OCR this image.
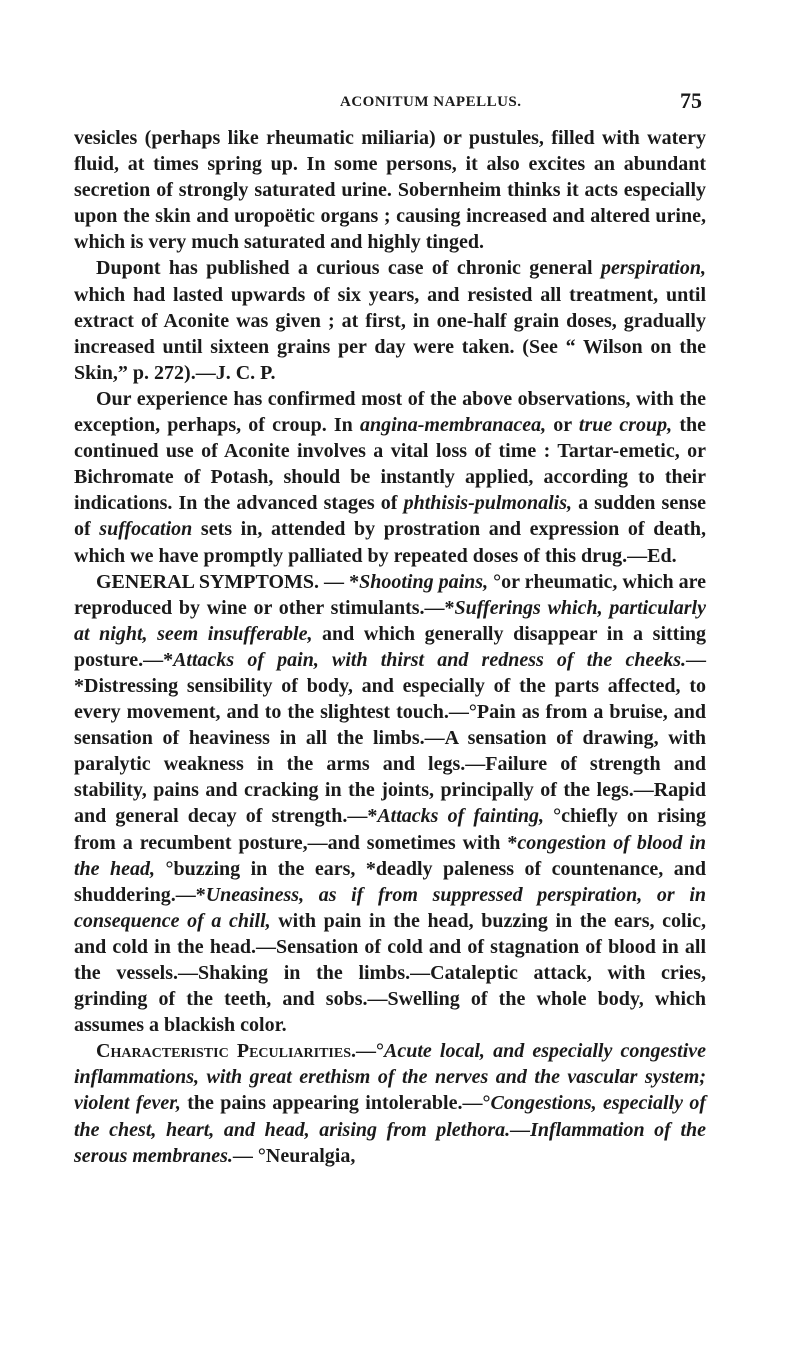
ACONITUM NAPELLUS.	75

vesicles (perhaps like rheumatic miliaria) or pustules, filled with watery fluid, at times spring up. In some persons, it also excites an abundant secretion of strongly saturated urine. Sobernheim thinks it acts especially upon the skin and uropoëtic organs ; causing increased and altered urine, which is very much saturated and highly tinged.

Dupont has published a curious case of chronic general perspiration, which had lasted upwards of six years, and resisted all treatment, until extract of Aconite was given ; at first, in one-half grain doses, gradually increased until sixteen grains per day were taken. (See “ Wilson on the Skin,” p. 272).—J. C. P.

Our experience has confirmed most of the above observations, with the exception, perhaps, of croup. In angina-membranacea, or true croup, the continued use of Aconite involves a vital loss of time : Tartar-emetic, or Bichromate of Potash, should be instantly applied, according to their indications. In the advanced stages of phthisis-pulmonalis, a sudden sense of suffocation sets in, attended by prostration and expression of death, which we have promptly palliated by repeated doses of this drug.—Ed.

GENERAL SYMPTOMS. — *Shooting pains, °or rheumatic, which are reproduced by wine or other stimulants.—*Sufferings which, particularly at night, seem insufferable, and which generally disappear in a sitting posture.—*Attacks of pain, with thirst and redness of the cheeks.—*Distressing sensibility of body, and especially of the parts affected, to every movement, and to the slightest touch.—°Pain as from a bruise, and sensation of heaviness in all the limbs.—A sensation of drawing, with paralytic weakness in the arms and legs.—Failure of strength and stability, pains and cracking in the joints, principally of the legs.—Rapid and general decay of strength.—*Attacks of fainting, °chiefly on rising from a recumbent posture,—and sometimes with *congestion of blood in the head, °buzzing in the ears, *deadly paleness of countenance, and shuddering.—*Uneasiness, as if from suppressed perspiration, or in consequence of a chill, with pain in the head, buzzing in the ears, colic, and cold in the head.—Sensation of cold and of stagnation of blood in all the vessels.—Shaking in the limbs.—Cataleptic attack, with cries, grinding of the teeth, and sobs.—Swelling of the whole body, which assumes a blackish color.

Characteristic Peculiarities.—°Acute local, and especially congestive inflammations, with great erethism of the nerves and the vascular system; violent fever, the pains appearing intolerable.—°Congestions, especially of the chest, heart, and head, arising from plethora.—Inflammation of the serous membranes.— °Neuralgia,
